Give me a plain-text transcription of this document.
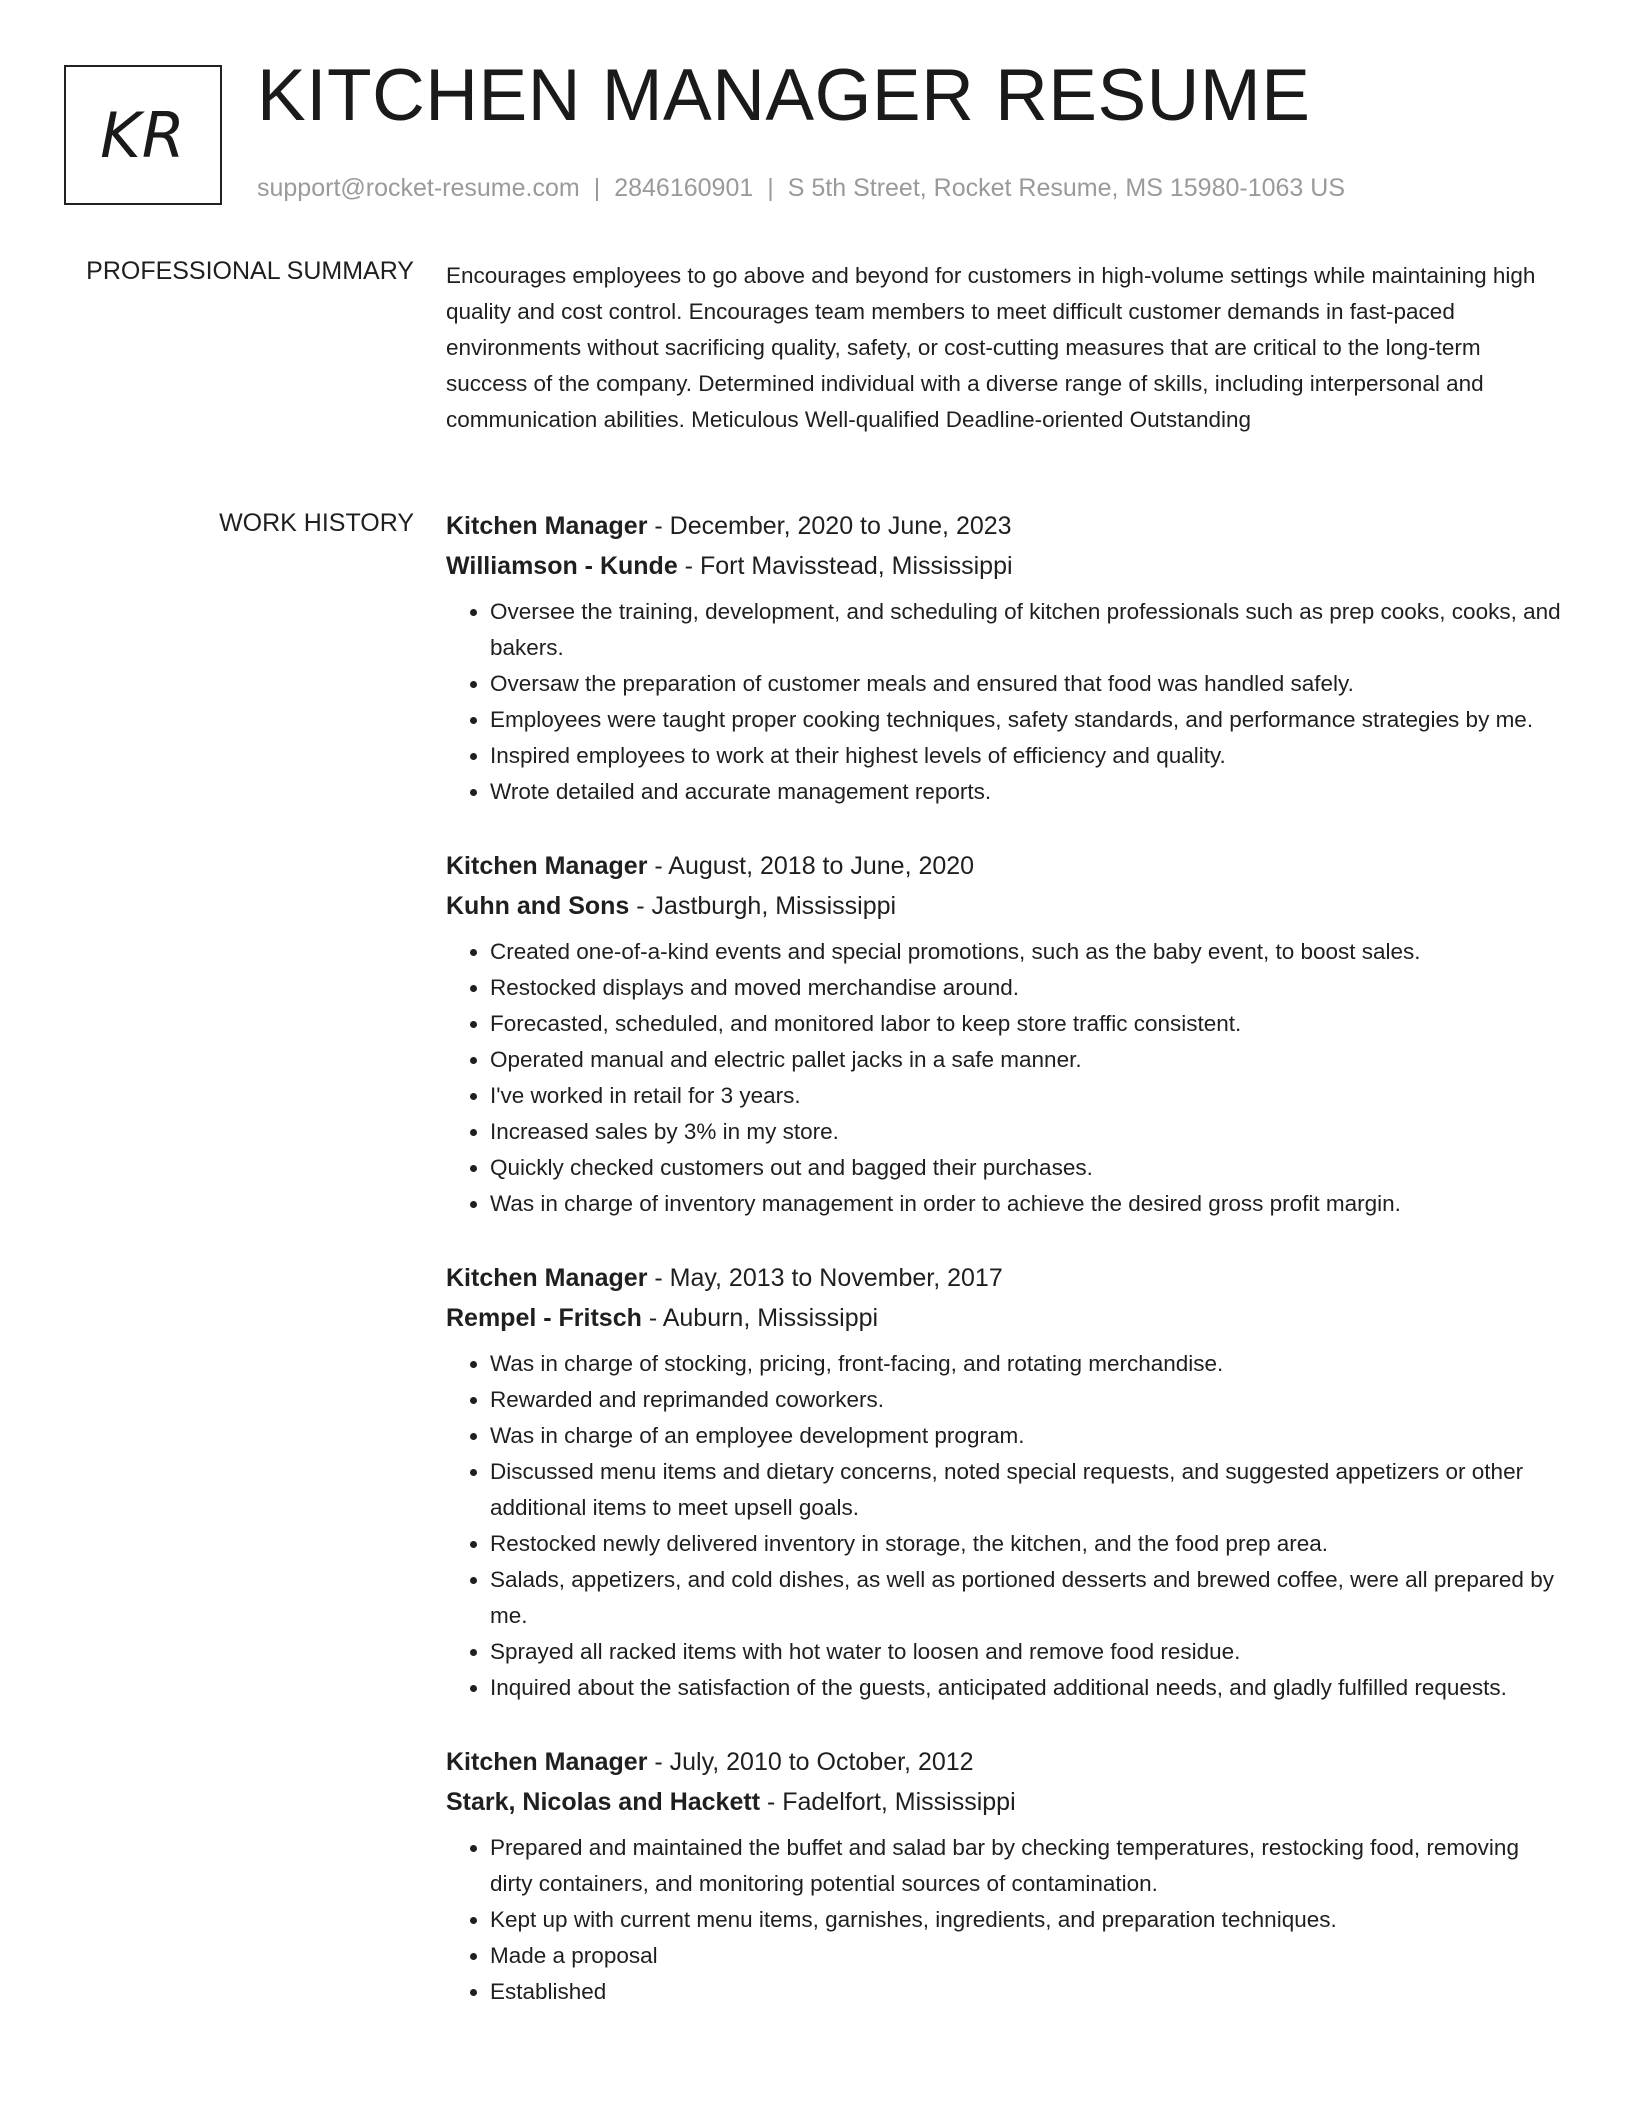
KR KITCHEN MANAGER RESUME
support@rocket-resume.com | 2846160901 | S 5th Street, Rocket Resume, MS 15980-1063 US
PROFESSIONAL SUMMARY Encourages employees to go above and beyond for customers in high-volume settings while maintaining high quality and cost control. Encourages team members to meet difficult customer demands in fast-paced environments without sacrificing quality, safety, or cost-cutting measures that are critical to the long-term success of the company. Determined individual with a diverse range of skills, including interpersonal and communication abilities. Meticulous Well-qualified Deadline-oriented Outstanding

WORK HISTORY Kitchen Manager - December, 2020 to June, 2023
Williamson - Kunde - Fort Mavisstead, Mississippi
• Oversee the training, development, and scheduling of kitchen professionals such as prep cooks, cooks, and bakers.
• Oversaw the preparation of customer meals and ensured that food was handled safely.
• Employees were taught proper cooking techniques, safety standards, and performance strategies by me.
• Inspired employees to work at their highest levels of efficiency and quality.
• Wrote detailed and accurate management reports.
Kitchen Manager - August, 2018 to June, 2020
Kuhn and Sons - Jastburgh, Mississippi
• Created one-of-a-kind events and special promotions, such as the baby event, to boost sales.
• Restocked displays and moved merchandise around.
• Forecasted, scheduled, and monitored labor to keep store traffic consistent.
• Operated manual and electric pallet jacks in a safe manner.
• I've worked in retail for 3 years.
• Increased sales by 3% in my store.
• Quickly checked customers out and bagged their purchases.
• Was in charge of inventory management in order to achieve the desired gross profit margin.
Kitchen Manager - May, 2013 to November, 2017
Rempel - Fritsch - Auburn, Mississippi
• Was in charge of stocking, pricing, front-facing, and rotating merchandise.
• Rewarded and reprimanded coworkers.
• Was in charge of an employee development program.
• Discussed menu items and dietary concerns, noted special requests, and suggested appetizers or other additional items to meet upsell goals.
• Restocked newly delivered inventory in storage, the kitchen, and the food prep area.
• Salads, appetizers, and cold dishes, as well as portioned desserts and brewed coffee, were all prepared by me.
• Sprayed all racked items with hot water to loosen and remove food residue.
• Inquired about the satisfaction of the guests, anticipated additional needs, and gladly fulfilled requests.
Kitchen Manager - July, 2010 to October, 2012
Stark, Nicolas and Hackett - Fadelfort, Mississippi
• Prepared and maintained the buffet and salad bar by checking temperatures, restocking food, removing dirty containers, and monitoring potential sources of contamination.
• Kept up with current menu items, garnishes, ingredients, and preparation techniques.
• Made a proposal
• Established
